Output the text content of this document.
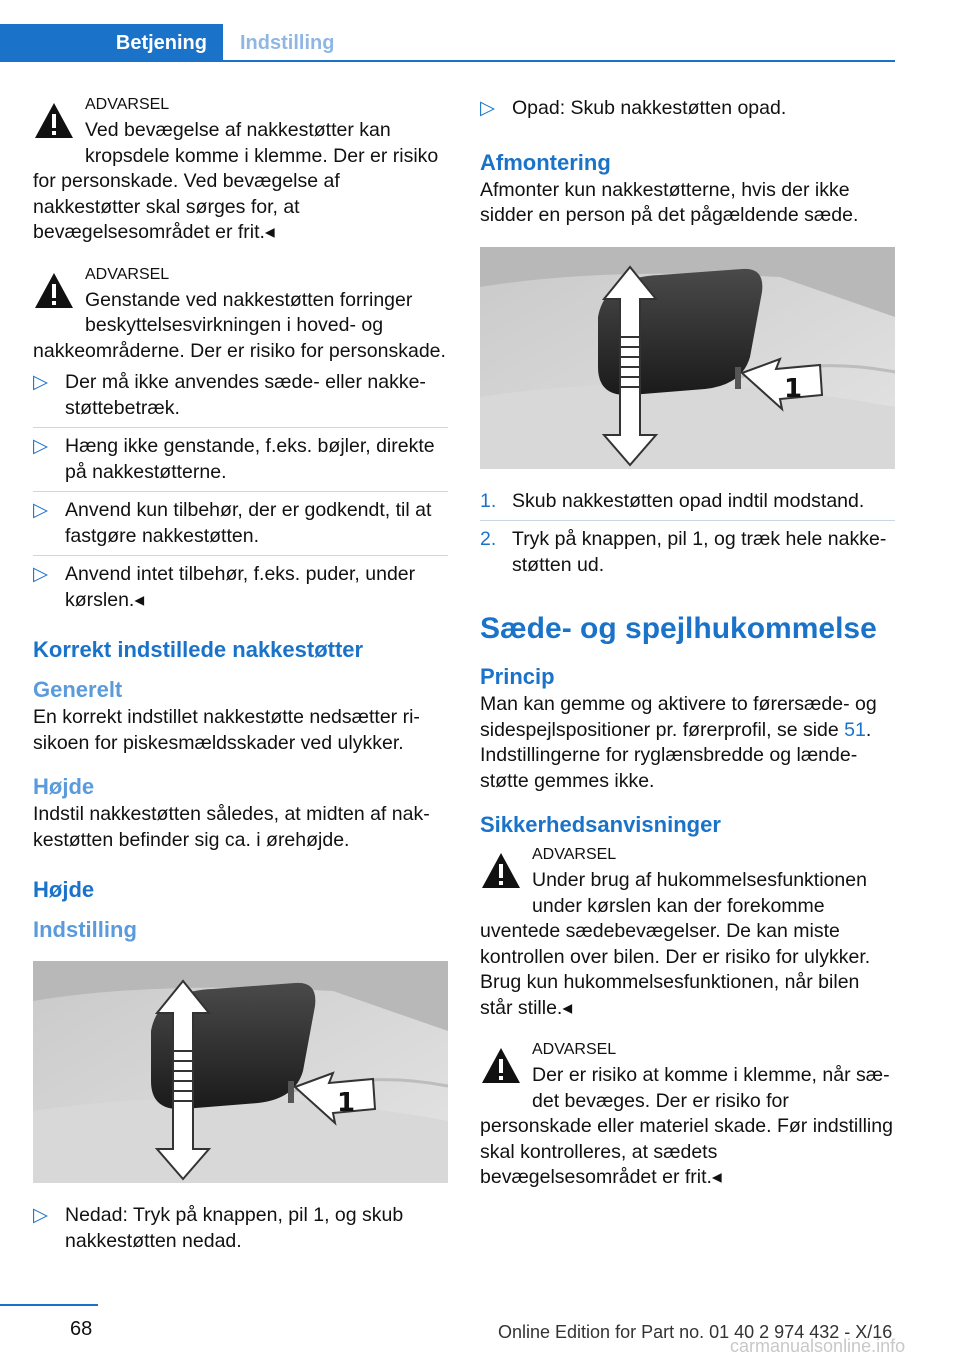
Betjening	Indstilling
ADVARSEL

Ved bevægelse af nakkestøtter kan kropsdele komme i klemme. Der er risiko for personskade. Ved bevægelse af nakkestøtter skal sørges for, at bevægelsesområdet er frit.◂

ADVARSEL

Genstande ved nakkestøtten forringer beskyttelsesvirkningen i hoved- og nakkeområderne. Der er risiko for personskade.

▷ Der må ikke anvendes sæde- eller nakkestøttebetræk.
▷ Hæng ikke genstande, f.eks. bøjler, direkte på nakkestøtterne.
▷ Anvend kun tilbehør, der er godkendt, til at fastgøre nakkestøtten.
▷ Anvend intet tilbehør, f.eks. puder, under kørslen.◂
Korrekt indstillede nakkestøtter
Generelt

En korrekt indstillet nakkestøtte nedsætter risikoen for piskesmældsskader ved ulykker.

Højde

Indstil nakkestøtten således, at midten af nakkestøtten befinder sig ca. i ørehøjde.

Højde
Indstilling
1
▷ Nedad: Tryk på knappen, pil 1, og skub nakkestøtten nedad.
▷ Opad: Skub nakkestøtten opad.
Afmontering

Afmonter kun nakkestøtterne, hvis der ikke sidder en person på det pågældende sæde.

1
1. Skub nakkestøtten opad indtil modstand.
2. Tryk på knappen, pil 1, og træk hele nakkestøtten ud.
Sæde- og spejlhukommelse
Princip

Man kan gemme og aktivere to førersæde- og sidespejlspositioner pr. førerprofil, se side 51. Indstillingerne for ryglænsbredde og lændestøtte gemmes ikke.

Sikkerhedsanvisninger
ADVARSEL

Under brug af hukommelsesfunktionen under kørslen kan der forekomme uventede sædebevægelser. De kan miste kontrollen over bilen. Der er risiko for ulykker. Brug kun hukommelsesfunktionen, når bilen står stille.◂

ADVARSEL

Der er risiko at komme i klemme, når sædet bevæges. Der er risiko for personskade eller materiel skade. Før indstilling skal kontrolleres, at sædets bevægelsesområdet er frit.◂

68	Online Edition for Part no. 01 40 2 974 432 - X/16
carmanualsonline.info
